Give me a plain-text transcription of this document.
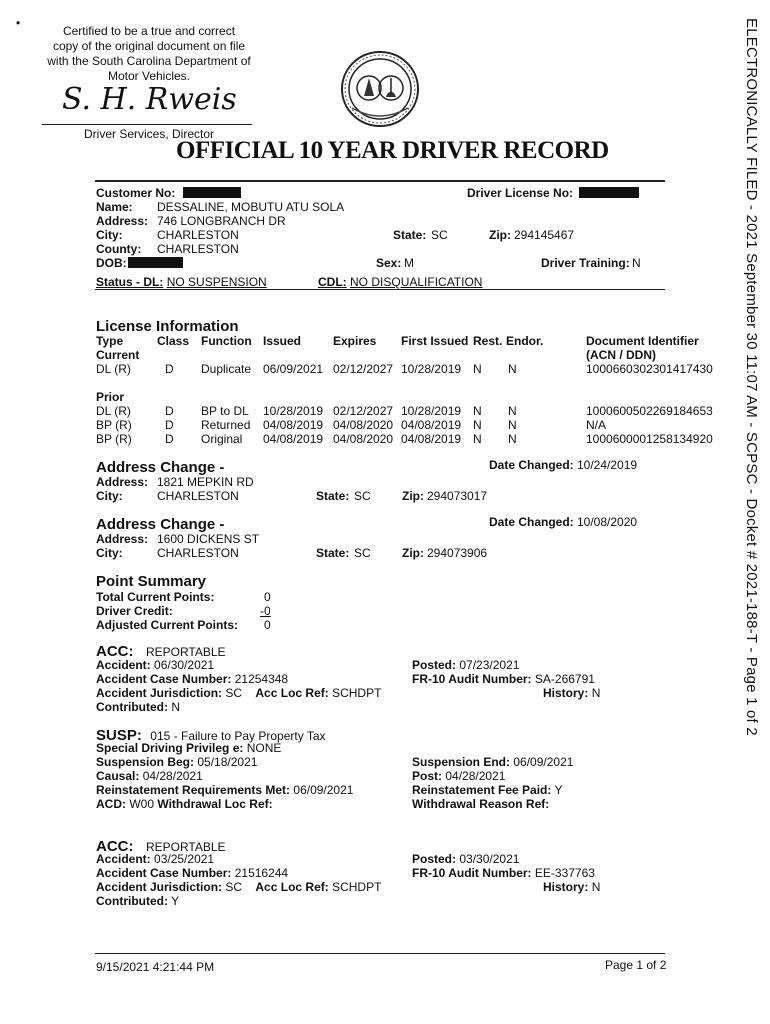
•
Certified to be a true and correct
copy of the original document on file
with the South Carolina Department of
Motor Vehicles.
S. H. Rweis
Driver Services, Director
OFFICIAL 10 YEAR DRIVER RECORD	ELECTRONICALLY FILED - 2021 September 30 11:07 AM - SCPSC - Docket # 2021-188-T - Page 1 of 2
Customer No:	Driver License No:
Name: DESSALINE, MOBUTU ATU SOLA
Address: 746 LONGBRANCH DR
City:	CHARLESTON	State: SC	Zip: 294145467
County: CHARLESTON
DOB:	Sex: M	Driver Training: N
Status - DL: NO SUSPENSION	CDL: NO DISQUALIFICATION
License Information
Type	Class Function Issued	Expires First Issued Rest. Endor.	Document Identifier
(ACN / DDN)
Current
DL (R)	D Duplicate 06/09/2021 02/12/2027 10/28/2019 N N	1000660302301417430
Prior
DL (R)	D BP to DL 10/28/2019 02/12/2027 10/28/2019 N N	1000600502269184653
BP (R)	D Returned 04/08/2019 04/08/2020 04/08/2019 N N	N/A
BP (R)	D Original 04/08/2019 04/08/2020 04/08/2019 N N	1000600001258134920
Address Change -	Date Changed: 10/24/2019
Address: 1821 MEPKIN RD
City:	CHARLESTON	State: SC	Zip: 294073017
Address Change -	Date Changed: 10/08/2020
Address: 1600 DICKENS ST
City:	CHARLESTON	State: SC	Zip: 294073906
Point Summary
Total Current Points:	0
Driver Credit:	-0
Adjusted Current Points: 0
ACC: REPORTABLE
Accident: 06/30/2021
Accident Case Number: 21254348
Accident Jurisdiction: SC Acc Loc Ref: SCHDPT
Contributed: N
Posted: 07/23/2021
FR-10 Audit Number: SA-266791
History: N
SUSP: 015 - Failure to Pay Property Tax
Special Driving Privileg e: NONE
Suspension Beg: 05/18/2021
Causal: 04/28/2021
Reinstatement Requirements Met: 06/09/2021
ACD: W00 Withdrawal Loc Ref:
Suspension End: 06/09/2021
Post: 04/28/2021
Reinstatement Fee Paid: Y
Withdrawal Reason Ref:
ACC: REPORTABLE
Accident: 03/25/2021
Accident Case Number: 21516244
Accident Jurisdiction: SC Acc Loc Ref: SCHDPT
Contributed: Y
Posted: 03/30/2021
FR-10 Audit Number: EE-337763
History: N
9/15/2021 4:21:44 PM	Page 1 of 2
